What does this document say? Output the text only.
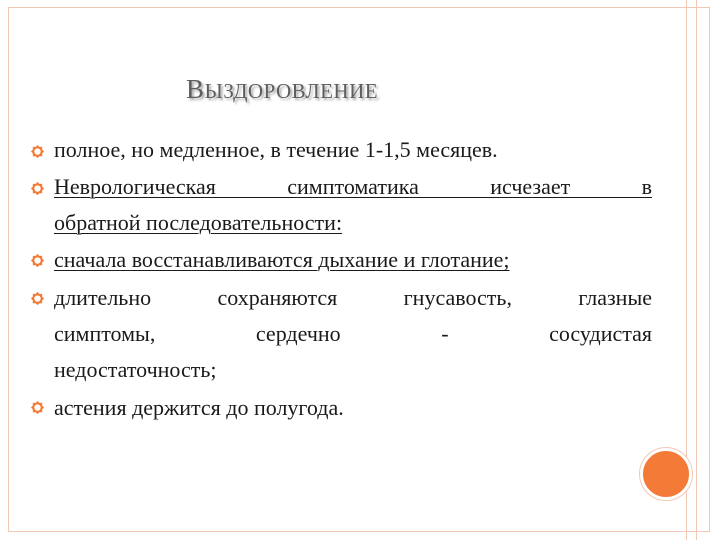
ВЫЗДОРОВЛЕНИЕ
полное, но медленное, в течение 1-1,5 месяцев.
Неврологическая симптоматика исчезает в
обратной последовательности:
сначала восстанавливаются дыхание и глотание;
длительно сохраняются гнусавость, глазные
симптомы, сердечно - сосудистая
недостаточность;
астения держится до полугода.
